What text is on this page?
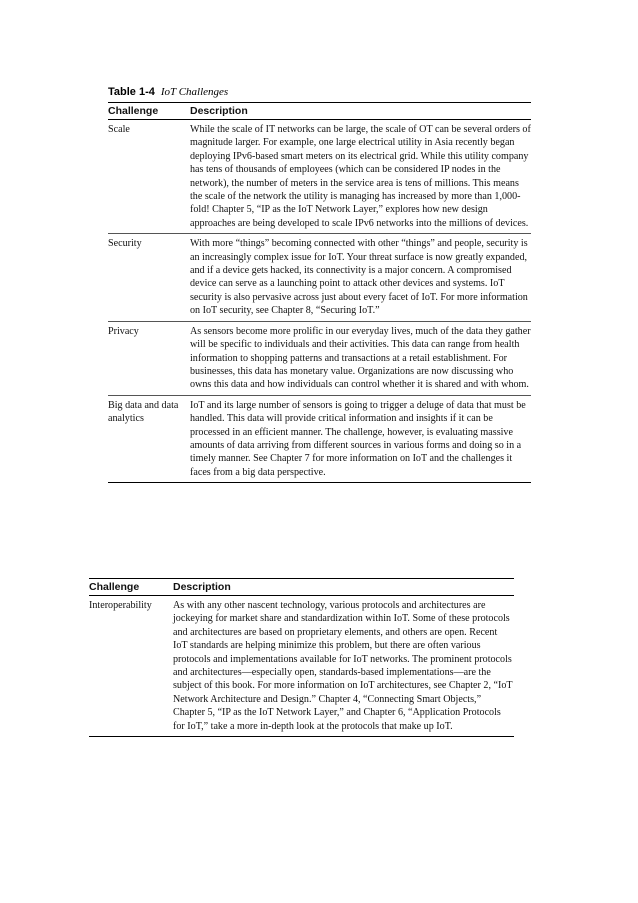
Table 1-4 IoT Challenges
Challenge	Description
Scale	While the scale of IT networks can be large, the scale of OT can be several orders of magnitude larger. For example, one large electrical utility in Asia recently began deploying IPv6-based smart meters on its electrical grid. While this utility company has tens of thousands of employees (which can be considered IP nodes in the network), the number of meters in the service area is tens of millions. This means the scale of the network the utility is managing has increased by more than 1,000-fold! Chapter 5, “IP as the IoT Network Layer,” explores how new design approaches are being developed to scale IPv6 networks into the millions of devices.
Security	With more “things” becoming connected with other “things” and people, security is an increasingly complex issue for IoT. Your threat surface is now greatly expanded, and if a device gets hacked, its connectivity is a major concern. A compromised device can serve as a launching point to attack other devices and systems. IoT security is also pervasive across just about every facet of IoT. For more information on IoT security, see Chapter 8, “Securing IoT.”
Privacy	As sensors become more prolific in our everyday lives, much of the data they gather will be specific to individuals and their activities. This data can range from health information to shopping patterns and transactions at a retail establishment. For businesses, this data has monetary value. Organizations are now discussing who owns this data and how individuals can control whether it is shared and with whom.
Big data and data analytics	IoT and its large number of sensors is going to trigger a deluge of data that must be handled. This data will provide critical information and insights if it can be processed in an efficient manner. The challenge, however, is evaluating massive amounts of data arriving from different sources in various forms and doing so in a timely manner. See Chapter 7 for more information on IoT and the challenges it faces from a big data perspective.
Challenge	Description
Interoperability	As with any other nascent technology, various protocols and architectures are jockeying for market share and standardization within IoT. Some of these protocols and architectures are based on proprietary elements, and others are open. Recent IoT standards are helping minimize this problem, but there are often various protocols and implementations available for IoT networks. The prominent protocols and architectures—especially open, standards-based implementations—are the subject of this book. For more information on IoT architectures, see Chapter 2, “IoT Network Architecture and Design.” Chapter 4, “Connecting Smart Objects,” Chapter 5, “IP as the IoT Network Layer,” and Chapter 6, “Application Protocols for IoT,” take a more in-depth look at the protocols that make up IoT.
